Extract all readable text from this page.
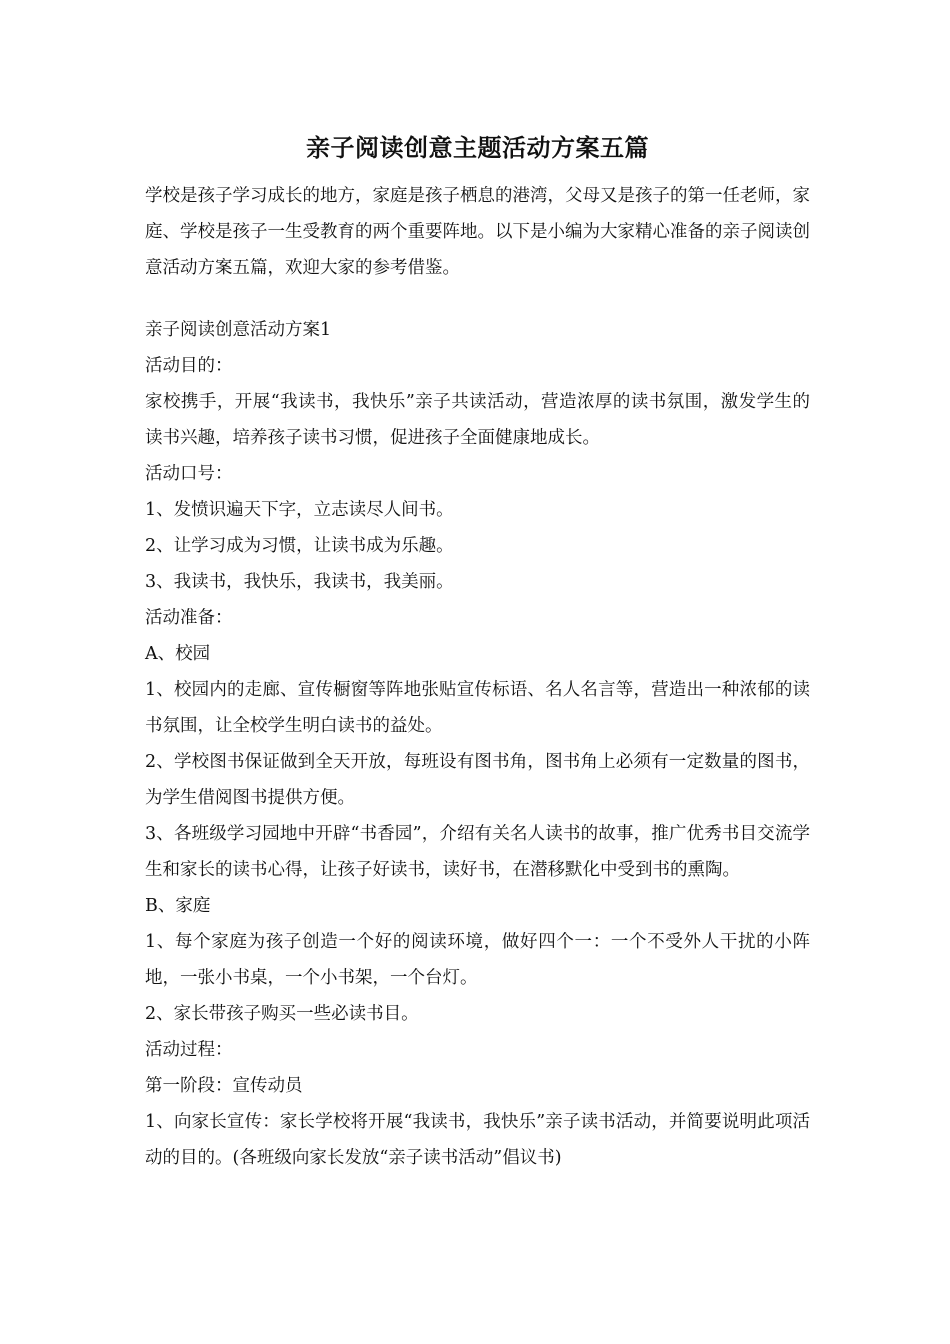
亲子阅读创意主题活动方案五篇

学校是孩子学习成长的地方，家庭是孩子栖息的港湾，父母又是孩子的第一任老师，家庭、学校是孩子一生受教育的两个重要阵地。以下是小编为大家精心准备的亲子阅读创意活动方案五篇，欢迎大家的参考借鉴。

亲子阅读创意活动方案1

活动目的：

家校携手，开展“我读书，我快乐”亲子共读活动，营造浓厚的读书氛围，激发学生的读书兴趣，培养孩子读书习惯，促进孩子全面健康地成长。

活动口号：

1、发愤识遍天下字，立志读尽人间书。

2、让学习成为习惯，让读书成为乐趣。

3、我读书，我快乐，我读书，我美丽。

活动准备：

A、校园

1、校园内的走廊、宣传橱窗等阵地张贴宣传标语、名人名言等，营造出一种浓郁的读书氛围，让全校学生明白读书的益处。

2、学校图书保证做到全天开放，每班设有图书角，图书角上必须有一定数量的图书，为学生借阅图书提供方便。

3、各班级学习园地中开辟“书香园”，介绍有关名人读书的故事，推广优秀书目交流学生和家长的读书心得，让孩子好读书，读好书，在潜移默化中受到书的熏陶。

B、家庭

1、每个家庭为孩子创造一个好的阅读环境，做好四个一：一个不受外人干扰的小阵地，一张小书桌，一个小书架，一个台灯。

2、家长带孩子购买一些必读书目。

活动过程：

第一阶段：宣传动员

1、向家长宣传：家长学校将开展“我读书，我快乐”亲子读书活动，并简要说明此项活动的目的。(各班级向家长发放“亲子读书活动”倡议书)
